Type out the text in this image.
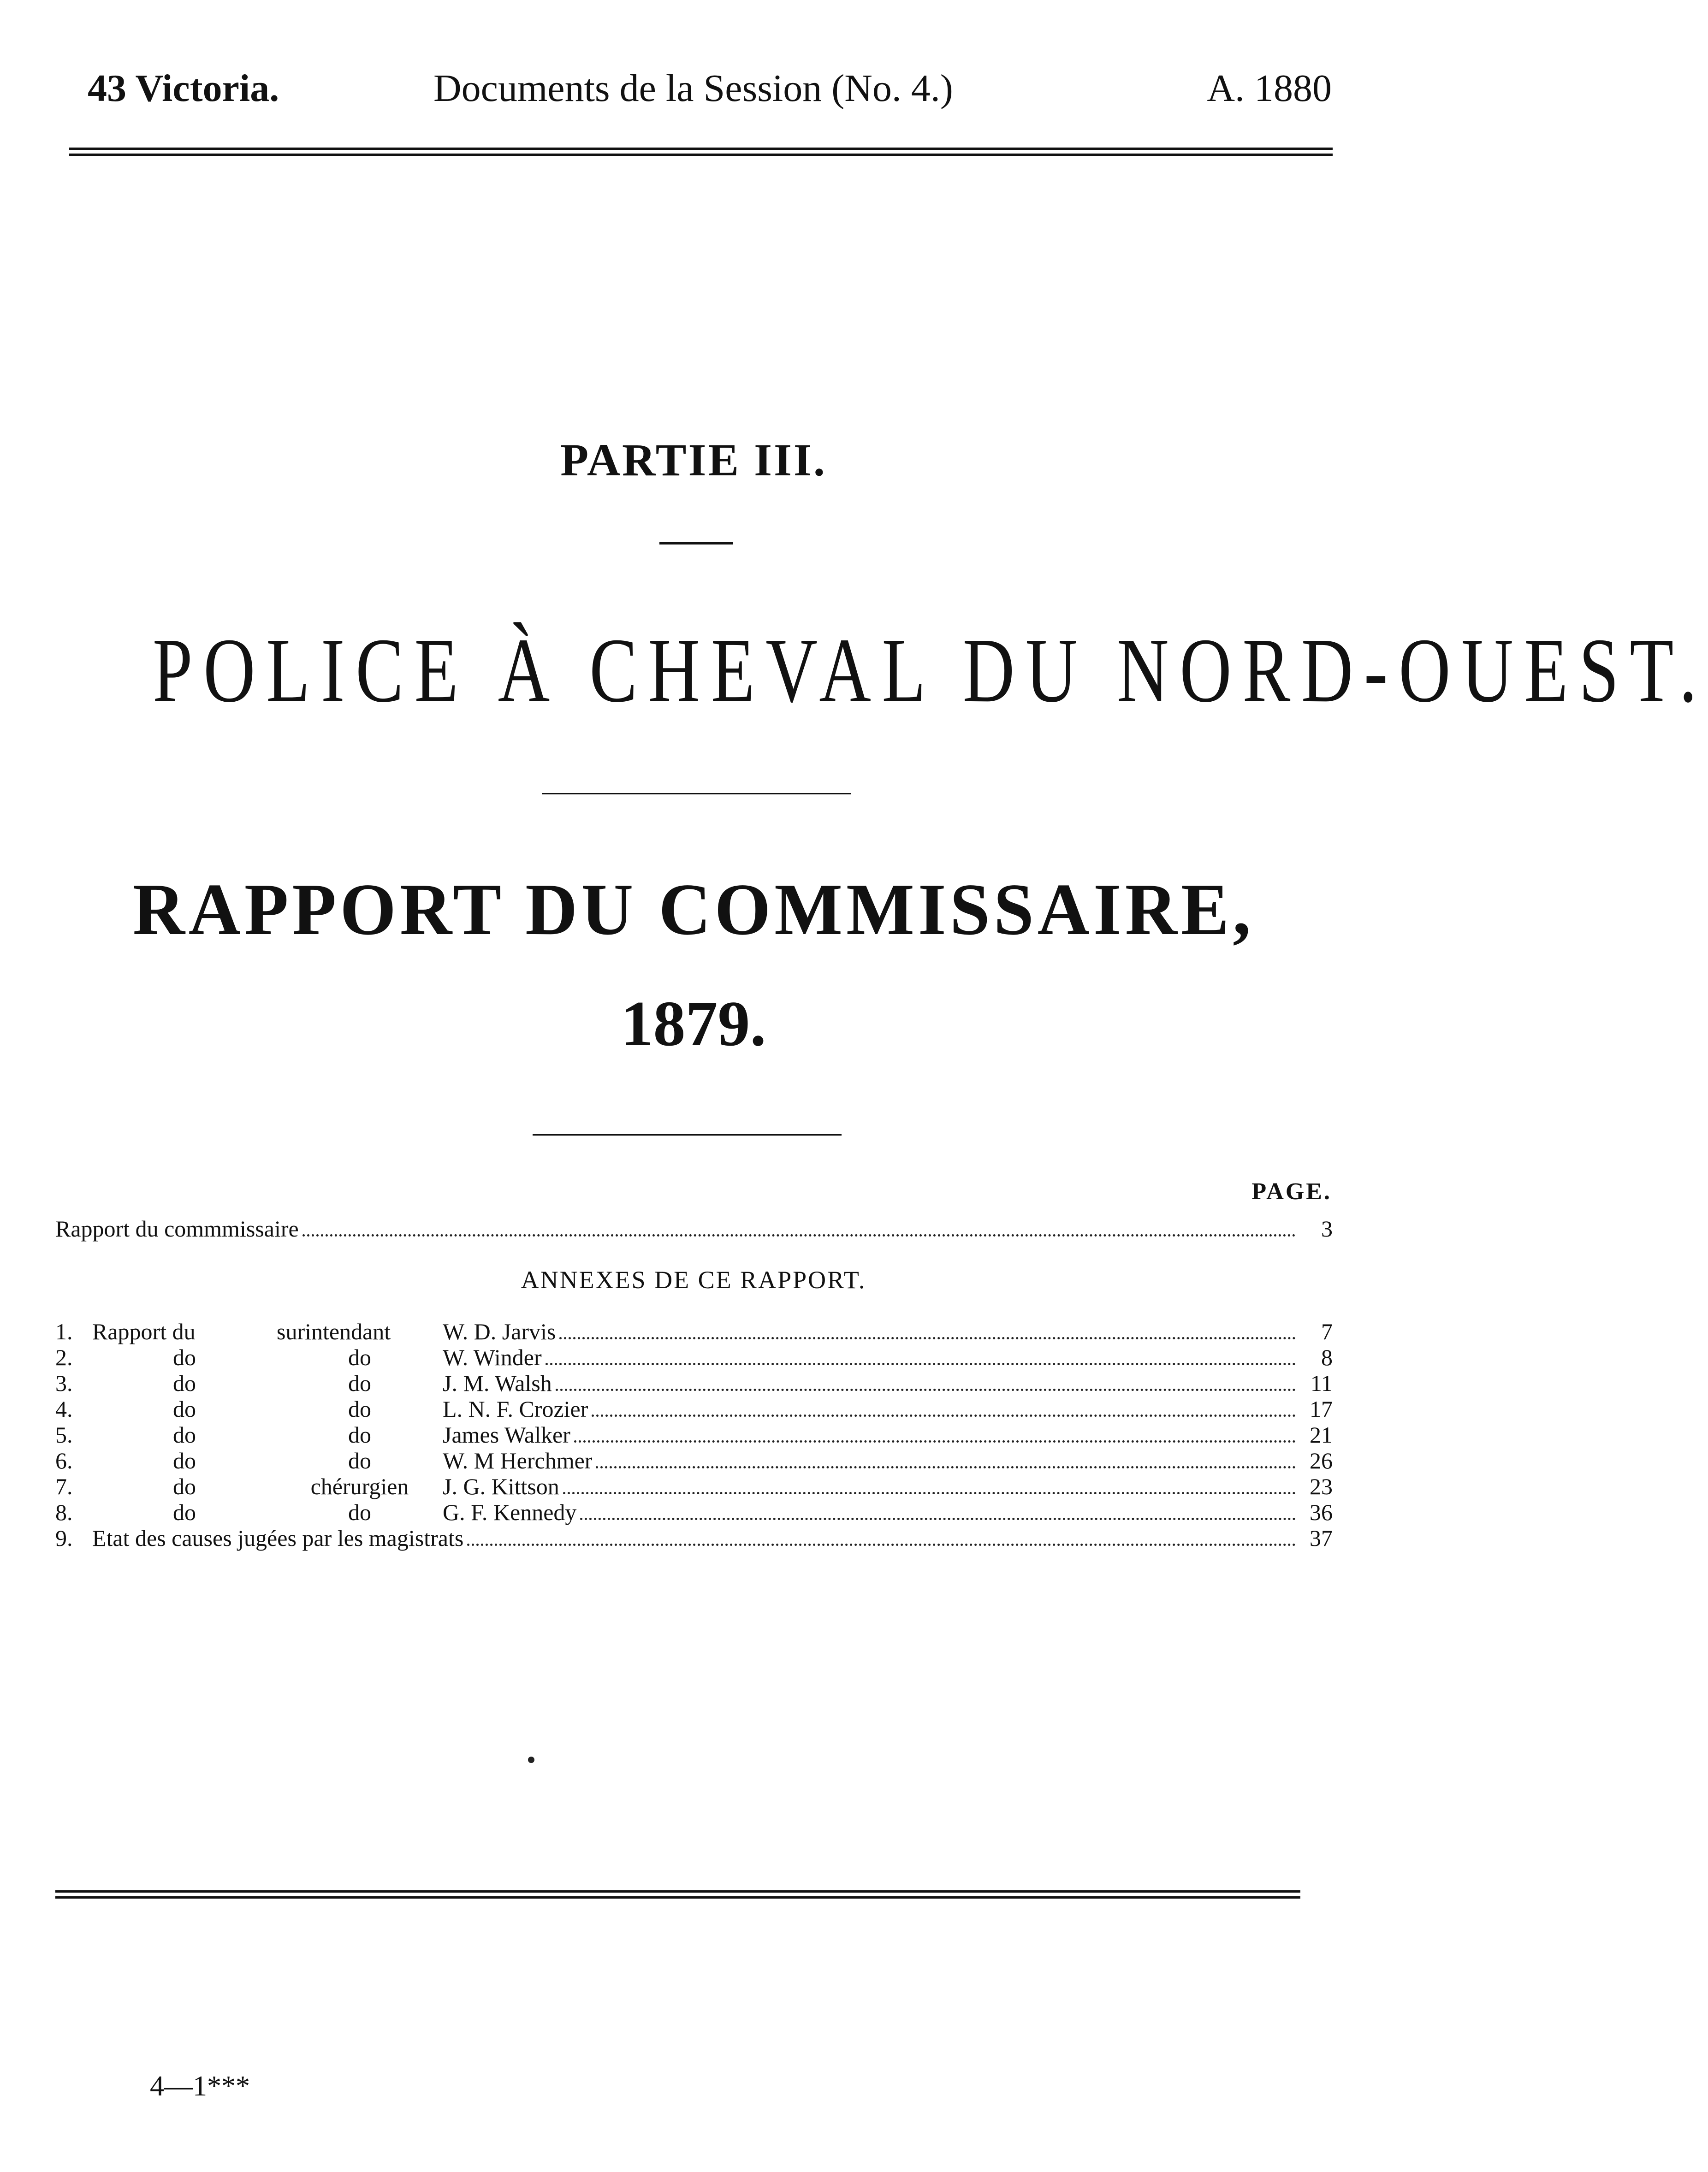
43 Victoria.	Documents de la Session (No. 4.)	A. 1880
PARTIE III.
POLICE À CHEVAL DU NORD-OUEST.
RAPPORT DU COMMISSAIRE,
1879.
PAGE.
Rapport du commmissaire	3
ANNEXES DE CE RAPPORT.
1. Rapport du	surintendant	W. D. Jarvis	7
2.	do	do	W. Winder	8
3.	do	do	J. M. Walsh	11
4.	do	do	L. N. F. Crozier	17
5.	do	do	James Walker	21
6.	do	do	W. M Herchmer	26
7.	do	chérurgien	J. G. Kittson	23
8.	do	do	G. F. Kennedy	36
9. Etat des causes jugées par les magistrats	37
4—1***
